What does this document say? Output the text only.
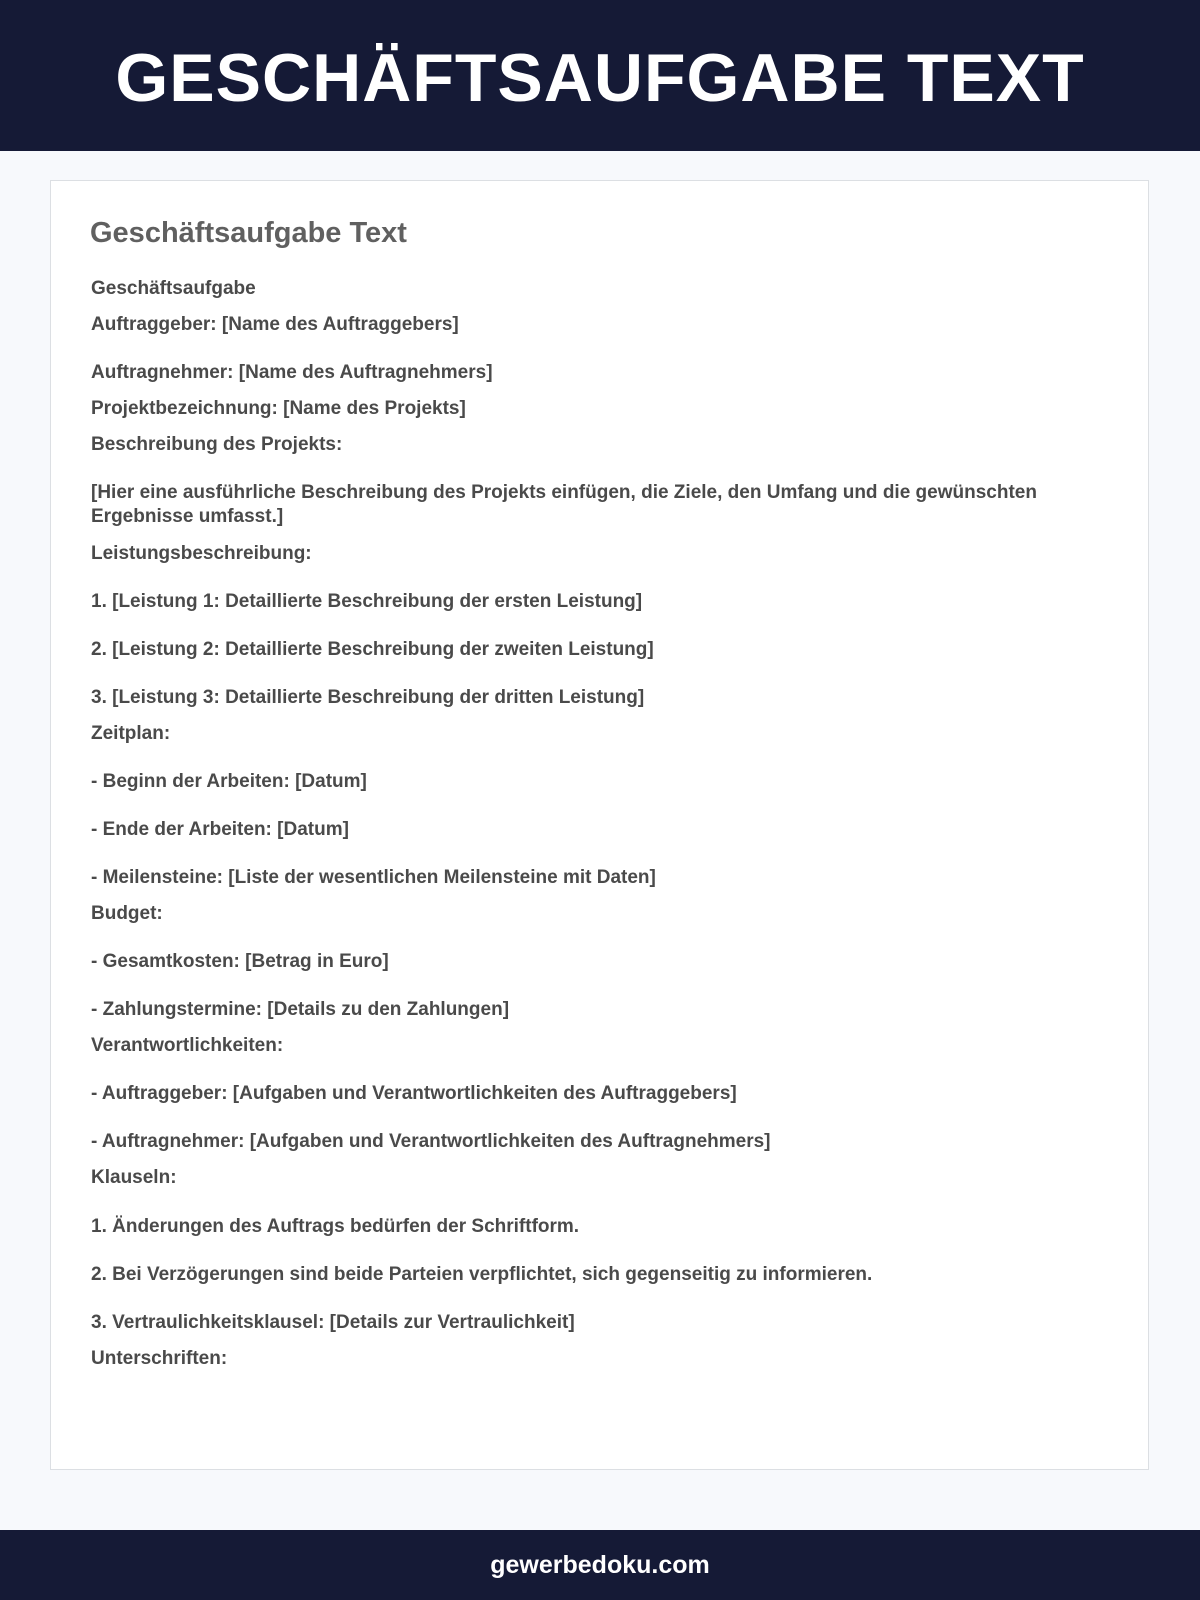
GESCHÄFTSAUFGABE TEXT
Geschäftsaufgabe Text

Geschäftsaufgabe

Auftraggeber: [Name des Auftraggebers]

Auftragnehmer: [Name des Auftragnehmers]

Projektbezeichnung: [Name des Projekts]

Beschreibung des Projekts:

[Hier eine ausführliche Beschreibung des Projekts einfügen, die Ziele, den Umfang und die gewünschten Ergebnisse umfasst.]

Leistungsbeschreibung:

1. [Leistung 1: Detaillierte Beschreibung der ersten Leistung]

2. [Leistung 2: Detaillierte Beschreibung der zweiten Leistung]

3. [Leistung 3: Detaillierte Beschreibung der dritten Leistung]

Zeitplan:

- Beginn der Arbeiten: [Datum]

- Ende der Arbeiten: [Datum]

- Meilensteine: [Liste der wesentlichen Meilensteine mit Daten]

Budget:

- Gesamtkosten: [Betrag in Euro]

- Zahlungstermine: [Details zu den Zahlungen]

Verantwortlichkeiten:

- Auftraggeber: [Aufgaben und Verantwortlichkeiten des Auftraggebers]

- Auftragnehmer: [Aufgaben und Verantwortlichkeiten des Auftragnehmers]

Klauseln:

1. Änderungen des Auftrags bedürfen der Schriftform.

2. Bei Verzögerungen sind beide Parteien verpflichtet, sich gegenseitig zu informieren.

3. Vertraulichkeitsklausel: [Details zur Vertraulichkeit]

Unterschriften:

gewerbedoku.com
